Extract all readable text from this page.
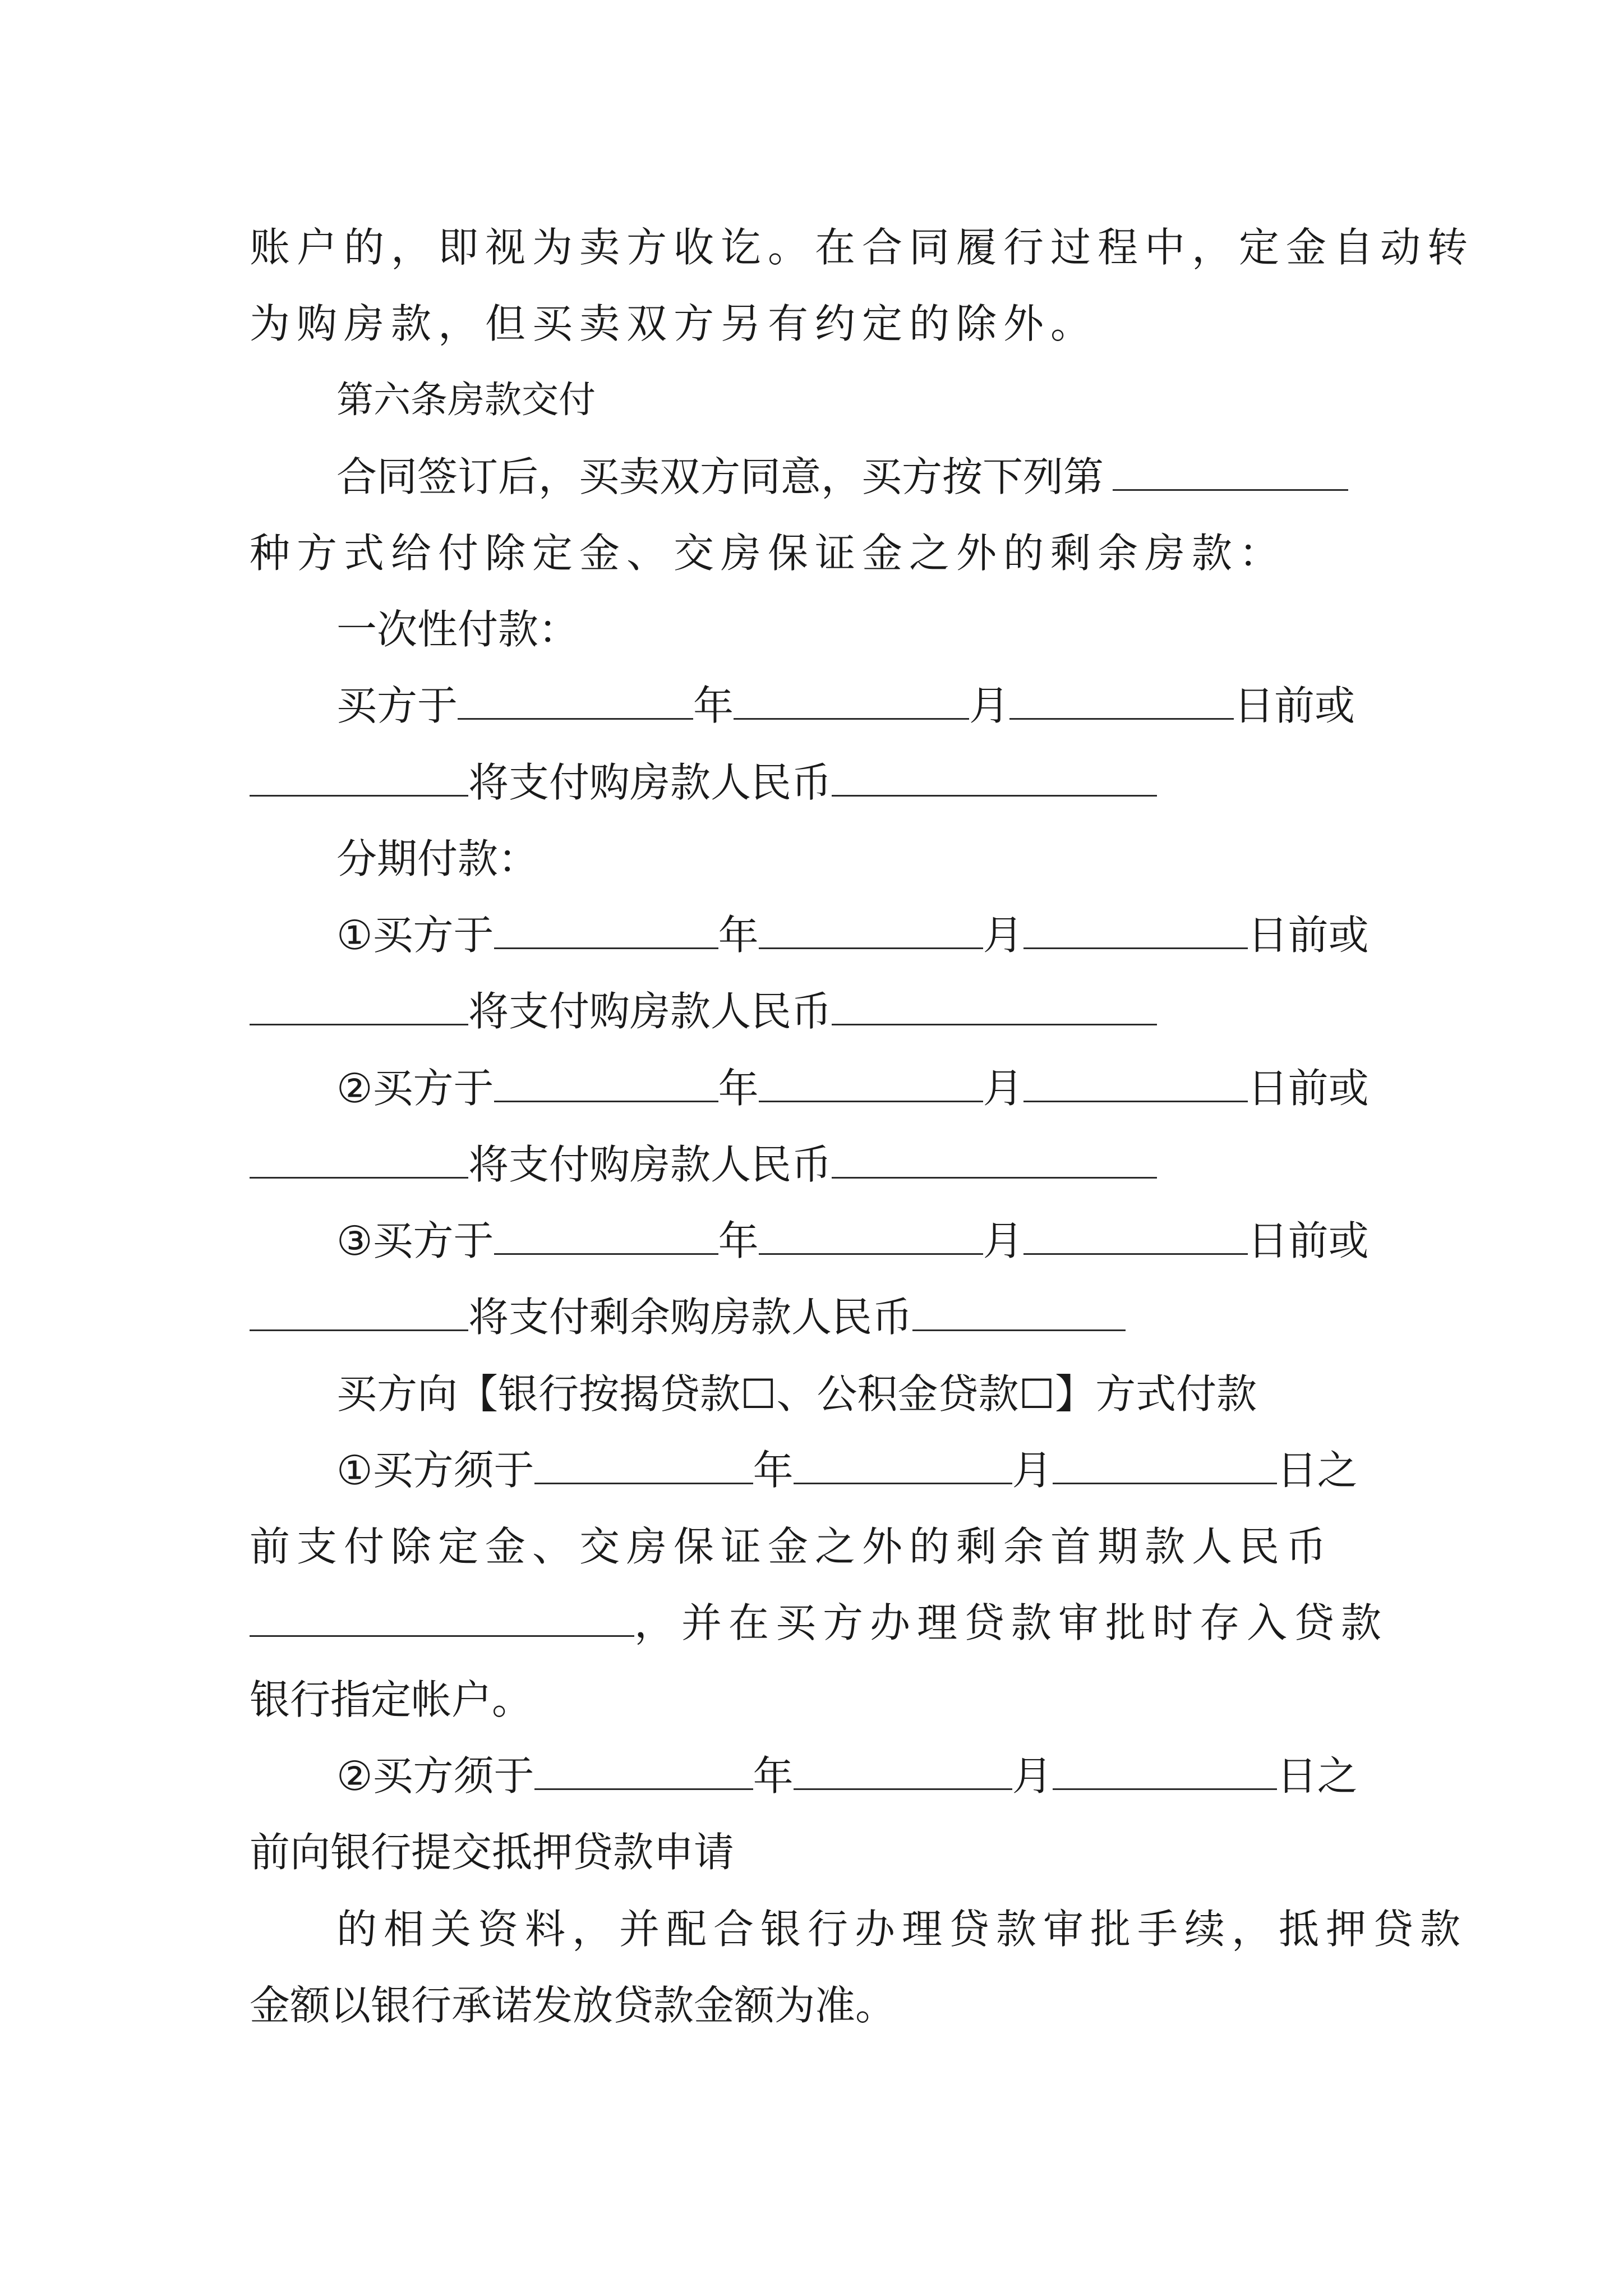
账户的，即视为卖方收讫。在合同履行过程中，定金自动转
为购房款，但买卖双方另有约定的除外。
第六条房款交付
合同签订后，买卖双方同意，买方按下列第
种方式给付除定金、交房保证金之外的剩余房款：
一次性付款：
买方于	年	月	日前或
将支付购房款人民币
分期付款：
① 买方于	年	月	日前或
将支付购房款人民币
② 买方于	年	月	日前或
将支付购房款人民币
③ 买方于	年	月	日前或
将支付剩余购房款人民币
买方向【银行按揭贷款☐、公积金贷款☐】方式付款
① 买方须于	年	月	日之
前支付除定金、交房保证金之外的剩余首期款人民币
，并在买方办理贷款审批时存入贷款
银行指定帐户。
② 买方须于	年	月	日之
前向银行提交抵押贷款申请
的相关资料，并配合银行办理贷款审批手续，抵押贷款
金额以银行承诺发放贷款金额为准。
